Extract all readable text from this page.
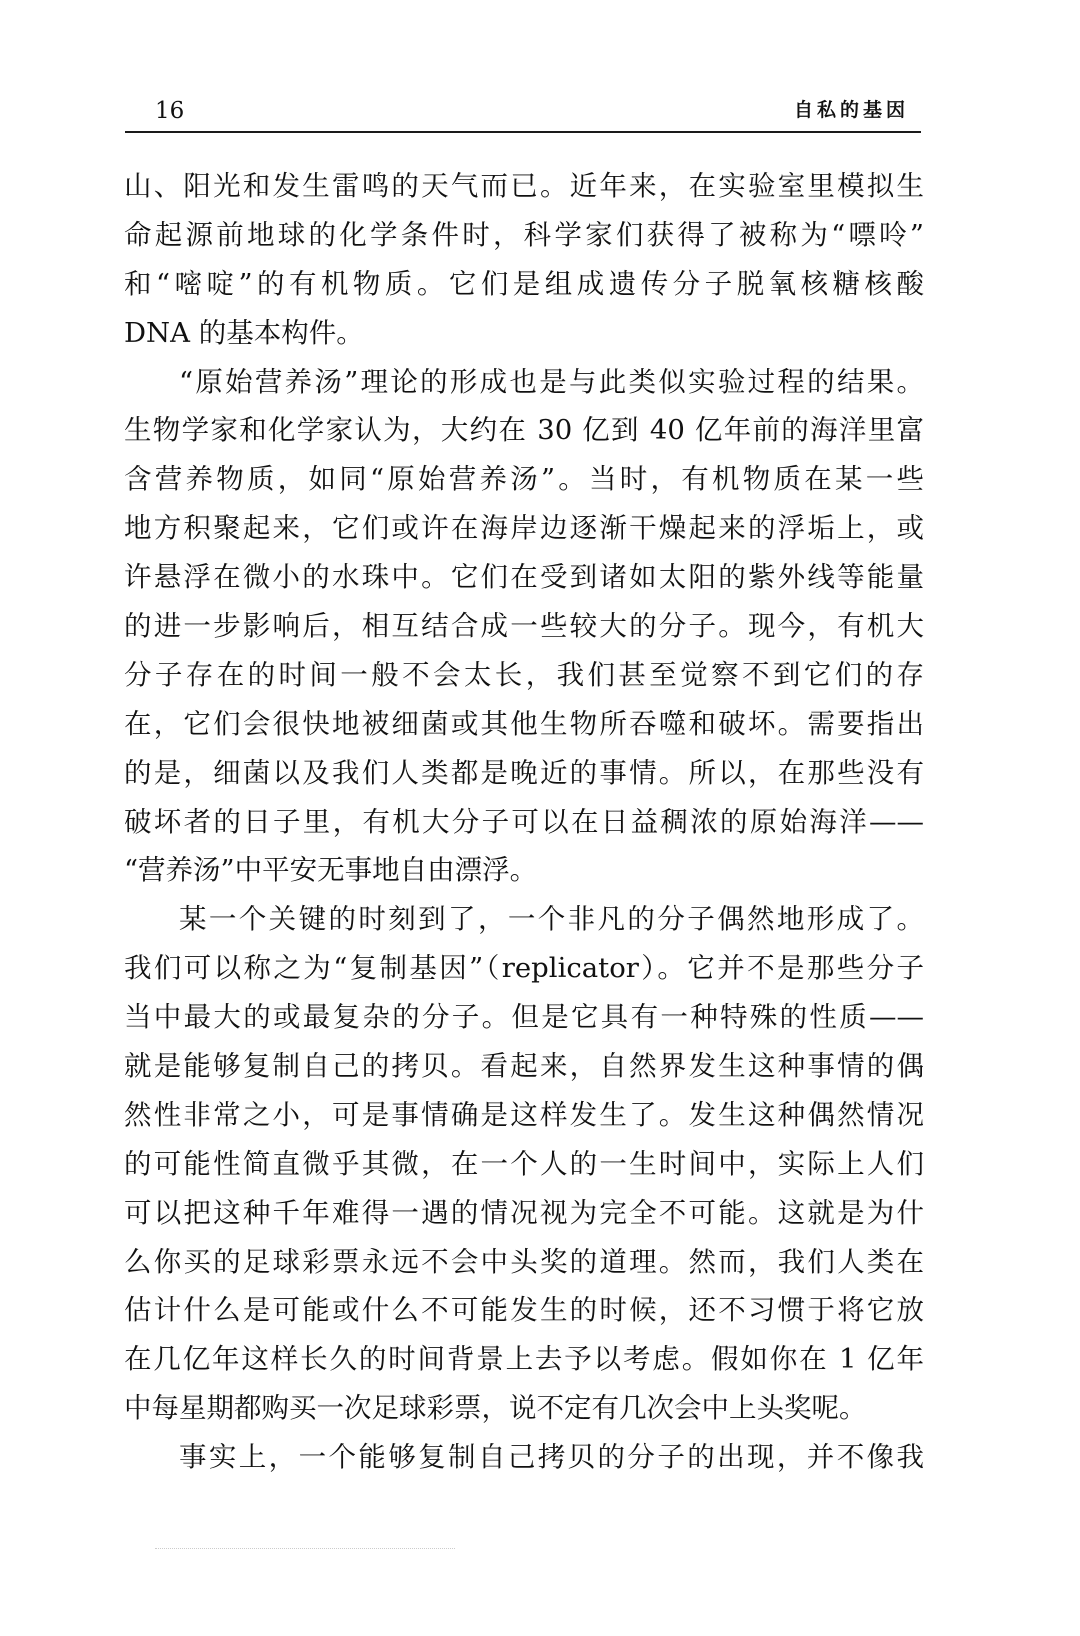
16	自私的基因
山、阳光和发生雷鸣的天气而已。近年来，在实验室里模拟生
命起源前地球的化学条件时，科学家们获得了被称为“嘌呤”
和“嘧啶”的有机物质。它们是组成遗传分子脱氧核糖核酸
DNA 的基本构件。
“原始营养汤”理论的形成也是与此类似实验过程的结果。
生物学家和化学家认为，大约在 30 亿到 40 亿年前的海洋里富
含营养物质，如同“原始营养汤”。当时，有机物质在某一些
地方积聚起来，它们或许在海岸边逐渐干燥起来的浮垢上，或
许悬浮在微小的水珠中。它们在受到诸如太阳的紫外线等能量
的进一步影响后，相互结合成一些较大的分子。现今，有机大
分子存在的时间一般不会太长，我们甚至觉察不到它们的存
在，它们会很快地被细菌或其他生物所吞噬和破坏。需要指出
的是，细菌以及我们人类都是晚近的事情。所以，在那些没有
破坏者的日子里，有机大分子可以在日益稠浓的原始海洋——
“营养汤”中平安无事地自由漂浮。
某一个关键的时刻到了，一个非凡的分子偶然地形成了。
我们可以称之为“复制基因”（replicator）。它并不是那些分子
当中最大的或最复杂的分子。但是它具有一种特殊的性质——
就是能够复制自己的拷贝。看起来，自然界发生这种事情的偶
然性非常之小，可是事情确是这样发生了。发生这种偶然情况
的可能性简直微乎其微，在一个人的一生时间中，实际上人们
可以把这种千年难得一遇的情况视为完全不可能。这就是为什
么你买的足球彩票永远不会中头奖的道理。然而，我们人类在
估计什么是可能或什么不可能发生的时候，还不习惯于将它放
在几亿年这样长久的时间背景上去予以考虑。假如你在 1 亿年
中每星期都购买一次足球彩票，说不定有几次会中上头奖呢。
事实上，一个能够复制自己拷贝的分子的出现，并不像我
